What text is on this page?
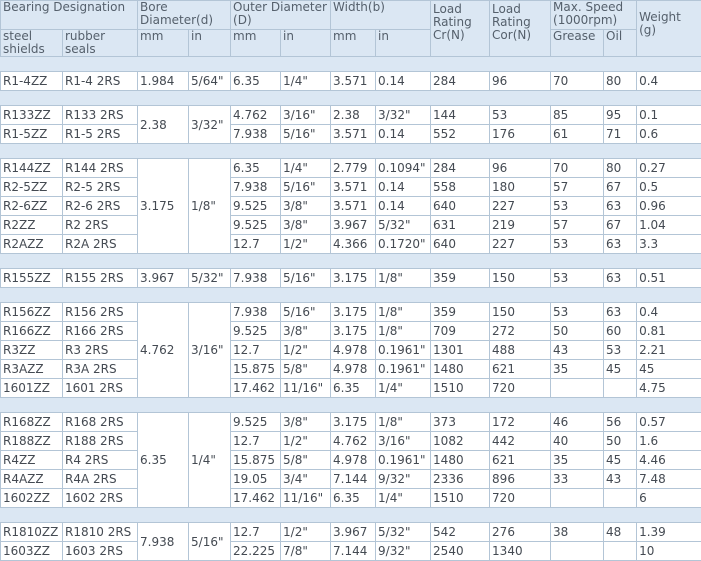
Bearing Designation		Bore Diameter(d)		Outer Diameter (D)		Width(b)		Load Rating Cr(N)	Load Rating Cor(N)	Max. Speed (1000rpm)		Weight (g)
steel shields	rubber seals	mm	in	mm	in	mm	in			Grease	Oil	

R1-4ZZ	R1-4 2RS	1.984	5/64"	6.35	1/4"	3.571	0.14	284	96	70	80	0.4

R133ZZ	R133 2RS	2.38	3/32"	4.762	3/16"	2.38	3/32"	144	53	85	95	0.1
R1-5ZZ	R1-5 2RS			7.938	5/16"	3.571	0.14	552	176	61	71	0.6

R144ZZ	R144 2RS	3.175	1/8"	6.35	1/4"	2.779	0.1094"	284	96	70	80	0.27
R2-5ZZ	R2-5 2RS			7.938	5/16"	3.571	0.14	558	180	57	67	0.5
R2-6ZZ	R2-6 2RS			9.525	3/8"	3.571	0.14	640	227	53	63	0.96
R2ZZ	R2 2RS			9.525	3/8"	3.967	5/32"	631	219	57	67	1.04
R2AZZ	R2A 2RS			12.7	1/2"	4.366	0.1720"	640	227	53	63	3.3

R155ZZ	R155 2RS	3.967	5/32"	7.938	5/16"	3.175	1/8"	359	150	53	63	0.51

R156ZZ	R156 2RS	4.762	3/16"	7.938	5/16"	3.175	1/8"	359	150	53	63	0.4
R166ZZ	R166 2RS			9.525	3/8"	3.175	1/8"	709	272	50	60	0.81
R3ZZ	R3 2RS			12.7	1/2"	4.978	0.1961"	1301	488	43	53	2.21
R3AZZ	R3A 2RS			15.875	5/8"	4.978	0.1961"	1480	621	35	45	45
1601ZZ	1601 2RS			17.462	11/16"	6.35	1/4"	1510	720			4.75

R168ZZ	R168 2RS	6.35	1/4"	9.525	3/8"	3.175	1/8"	373	172	46	56	0.57
R188ZZ	R188 2RS			12.7	1/2"	4.762	3/16"	1082	442	40	50	1.6
R4ZZ	R4 2RS			15.875	5/8"	4.978	0.1961"	1480	621	35	45	4.46
R4AZZ	R4A 2RS			19.05	3/4"	7.144	9/32"	2336	896	33	43	7.48
1602ZZ	1602 2RS			17.462	11/16"	6.35	1/4"	1510	720			6

R1810ZZ	R1810 2RS	7.938	5/16"	12.7	1/2"	3.967	5/32"	542	276	38	48	1.39
1603ZZ	1603 2RS			22.225	7/8"	7.144	9/32"	2540	1340			10
